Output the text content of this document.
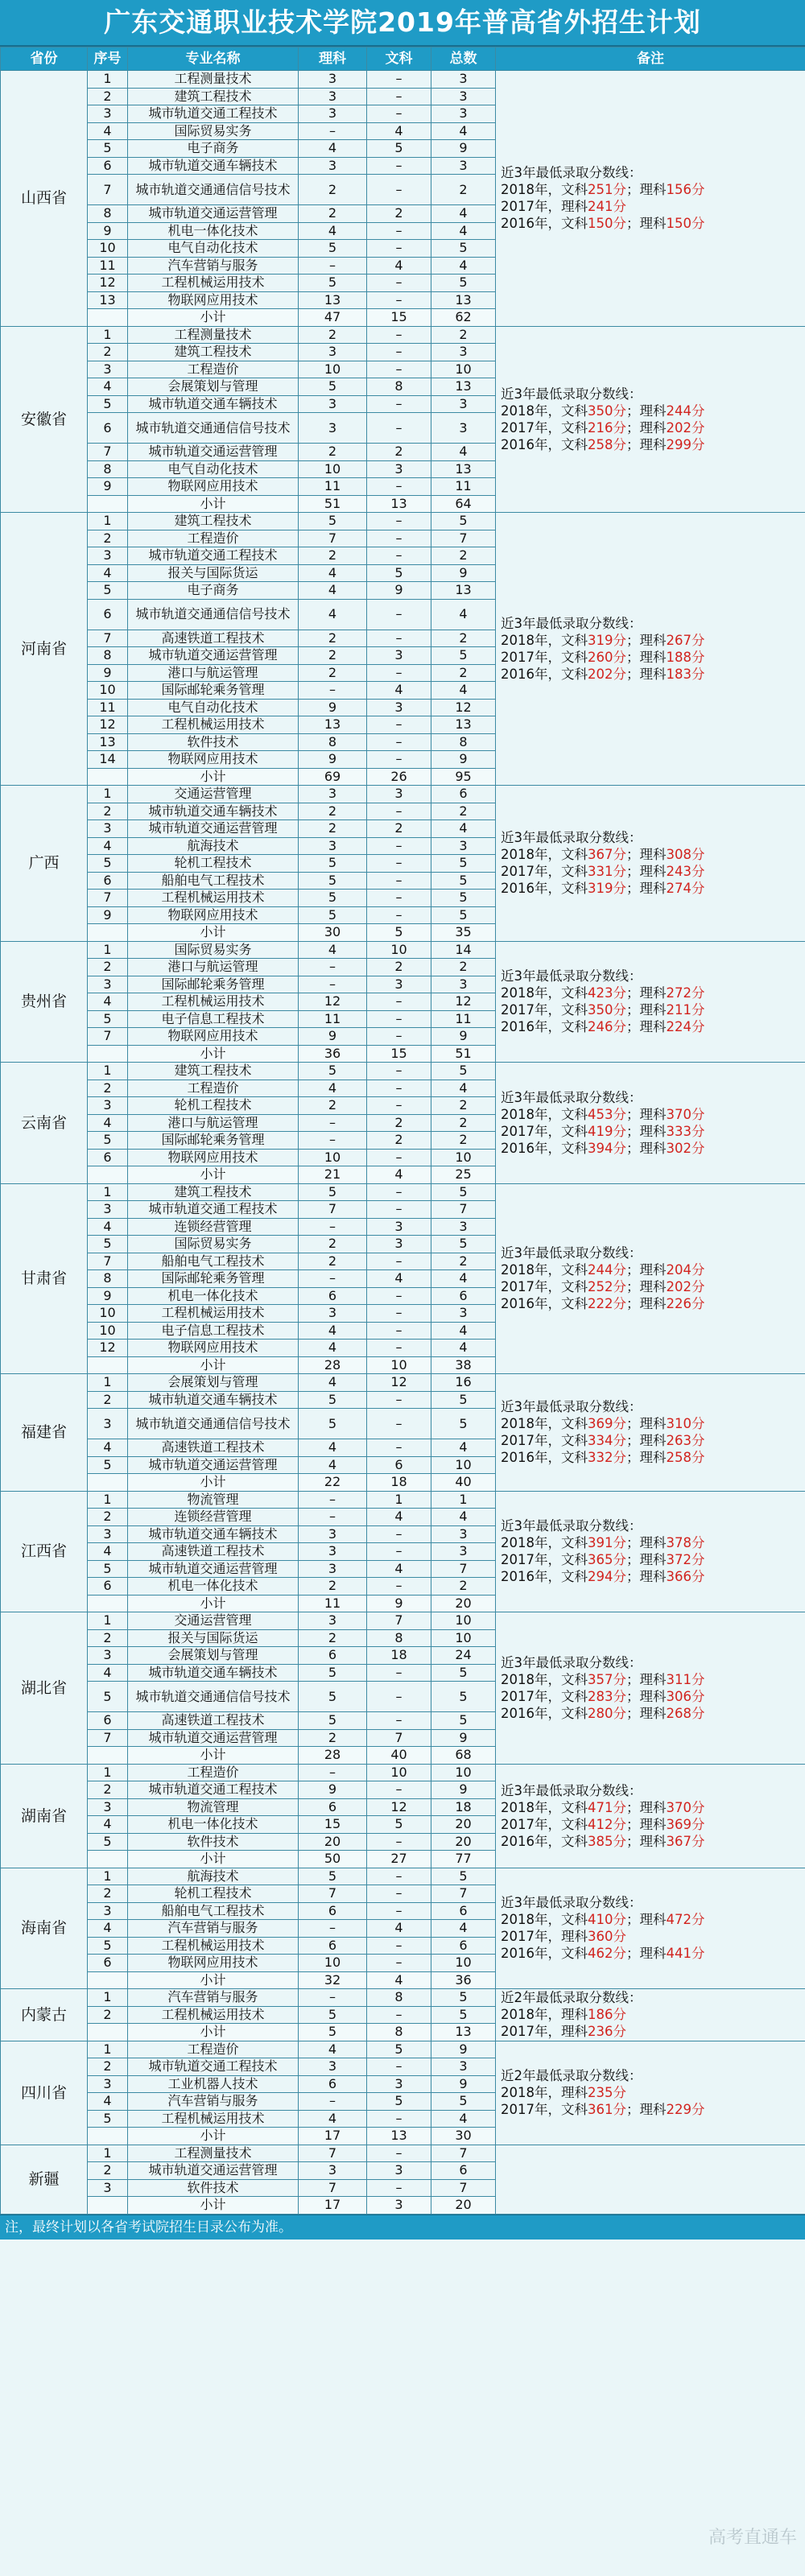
广东交通职业技术学院2019年普高省外招生计划
省份	序号	专业名称	理科	文科	总数	备注
山西省	1	工程测量技术	3	–	3	近3年最低录取分数线：
2018年，文科251分；理科156分
2017年，理科241分
2016年，文科150分；理科150分

	2	建筑工程技术	3	–	3	
	3	城市轨道交通工程技术	3	–	3	
	4	国际贸易实务	–	4	4	
	5	电子商务	4	5	9	
	6	城市轨道交通车辆技术	3	–	3	
	7	城市轨道交通通信信号技术	2	–	2	
	8	城市轨道交通运营管理	2	2	4	
	9	机电一体化技术	4	–	4	
	10	电气自动化技术	5	–	5	
	11	汽车营销与服务	–	4	4	
	12	工程机械运用技术	5	–	5	
	13	物联网应用技术	13	–	13	
		小计	47	15	62	
安徽省	1	工程测量技术	2	–	2	近3年最低录取分数线：
2018年，文科350分；理科244分
2017年，文科216分；理科202分
2016年，文科258分；理科299分

	2	建筑工程技术	3	–	3	
	3	工程造价	10	–	10	
	4	会展策划与管理	5	8	13	
	5	城市轨道交通车辆技术	3	–	3	
	6	城市轨道交通通信信号技术	3	–	3	
	7	城市轨道交通运营管理	2	2	4	
	8	电气自动化技术	10	3	13	
	9	物联网应用技术	11	–	11	
		小计	51	13	64	
河南省	1	建筑工程技术	5	–	5	近3年最低录取分数线：
2018年，文科319分；理科267分
2017年，文科260分；理科188分
2016年，文科202分；理科183分

	2	工程造价	7	–	7	
	3	城市轨道交通工程技术	2	–	2	
	4	报关与国际货运	4	5	9	
	5	电子商务	4	9	13	
	6	城市轨道交通通信信号技术	4	–	4	
	7	高速铁道工程技术	2	–	2	
	8	城市轨道交通运营管理	2	3	5	
	9	港口与航运管理	2	–	2	
	10	国际邮轮乘务管理	–	4	4	
	11	电气自动化技术	9	3	12	
	12	工程机械运用技术	13	–	13	
	13	软件技术	8	–	8	
	14	物联网应用技术	9	–	9	
		小计	69	26	95	
广西	1	交通运营管理	3	3	6	近3年最低录取分数线：
2018年，文科367分；理科308分
2017年，文科331分；理科243分
2016年，文科319分；理科274分

	2	城市轨道交通车辆技术	2	–	2	
	3	城市轨道交通运营管理	2	2	4	
	4	航海技术	3	–	3	
	5	轮机工程技术	5	–	5	
	6	船舶电气工程技术	5	–	5	
	7	工程机械运用技术	5	–	5	
	9	物联网应用技术	5	–	5	
		小计	30	5	35	
贵州省	1	国际贸易实务	4	10	14	近3年最低录取分数线：
2018年，文科423分；理科272分
2017年，文科350分；理科211分
2016年，文科246分；理科224分

	2	港口与航运管理	–	2	2	
	3	国际邮轮乘务管理	–	3	3	
	4	工程机械运用技术	12	–	12	
	5	电子信息工程技术	11	–	11	
	7	物联网应用技术	9	–	9	
		小计	36	15	51	
云南省	1	建筑工程技术	5	–	5	近3年最低录取分数线：
2018年，文科453分；理科370分
2017年，文科419分；理科333分
2016年，文科394分；理科302分

	2	工程造价	4	–	4	
	3	轮机工程技术	2	–	2	
	4	港口与航运管理	–	2	2	
	5	国际邮轮乘务管理	–	2	2	
	6	物联网应用技术	10	–	10	
		小计	21	4	25	
甘肃省	1	建筑工程技术	5	–	5	近3年最低录取分数线：
2018年，文科244分；理科204分
2017年，文科252分；理科202分
2016年，文科222分；理科226分

	3	城市轨道交通工程技术	7	–	7	
	4	连锁经营管理	–	3	3	
	5	国际贸易实务	2	3	5	
	7	船舶电气工程技术	2	–	2	
	8	国际邮轮乘务管理	–	4	4	
	9	机电一体化技术	6	–	6	
	10	工程机械运用技术	3	–	3	
	10	电子信息工程技术	4	–	4	
	12	物联网应用技术	4	–	4	
		小计	28	10	38	
福建省	1	会展策划与管理	4	12	16	近3年最低录取分数线：
2018年，文科369分；理科310分
2017年，文科334分；理科263分
2016年，文科332分；理科258分

	2	城市轨道交通车辆技术	5	–	5	
	3	城市轨道交通通信信号技术	5	–	5	
	4	高速铁道工程技术	4	–	4	
	5	城市轨道交通运营管理	4	6	10	
		小计	22	18	40	
江西省	1	物流管理	–	1	1	近3年最低录取分数线：
2018年，文科391分；理科378分
2017年，文科365分；理科372分
2016年，文科294分；理科366分

	2	连锁经营管理	–	4	4	
	3	城市轨道交通车辆技术	3	–	3	
	4	高速铁道工程技术	3	–	3	
	5	城市轨道交通运营管理	3	4	7	
	6	机电一体化技术	2	–	2	
		小计	11	9	20	
湖北省	1	交通运营管理	3	7	10	近3年最低录取分数线：
2018年，文科357分；理科311分
2017年，文科283分；理科306分
2016年，文科280分；理科268分

	2	报关与国际货运	2	8	10	
	3	会展策划与管理	6	18	24	
	4	城市轨道交通车辆技术	5	–	5	
	5	城市轨道交通通信信号技术	5	–	5	
	6	高速铁道工程技术	5	–	5	
	7	城市轨道交通运营管理	2	7	9	
		小计	28	40	68	
湖南省	1	工程造价	–	10	10	近3年最低录取分数线：
2018年，文科471分；理科370分
2017年，文科412分；理科369分
2016年，文科385分；理科367分

	2	城市轨道交通工程技术	9	–	9	
	3	物流管理	6	12	18	
	4	机电一体化技术	15	5	20	
	5	软件技术	20	–	20	
		小计	50	27	77	
海南省	1	航海技术	5	–	5	近3年最低录取分数线：
2018年，文科410分；理科472分
2017年，理科360分
2016年，文科462分；理科441分

	2	轮机工程技术	7	–	7	
	3	船舶电气工程技术	6	–	6	
	4	汽车营销与服务	–	4	4	
	5	工程机械运用技术	6	–	6	
	6	物联网应用技术	10	–	10	
		小计	32	4	36	
内蒙古	1	汽车营销与服务	–	8	5	近2年最低录取分数线：
2018年，理科186分
2017年，理科236分

	2	工程机械运用技术	5	–	5	
		小计	5	8	13	
四川省	1	工程造价	4	5	9	近2年最低录取分数线：
2018年，理科235分
2017年，文科361分；理科229分

	2	城市轨道交通工程技术	3	–	3	
	3	工业机器人技术	6	3	9	
	4	汽车营销与服务	–	5	5	
	5	工程机械运用技术	4	–	4	
		小计	17	13	30	
新疆	1	工程测量技术	7	–	7	
	2	城市轨道交通运营管理	3	3	6	
	3	软件技术	7	–	7	
		小计	17	3	20	
高考直通车
注，最终计划以各省考试院招生目录公布为准。
